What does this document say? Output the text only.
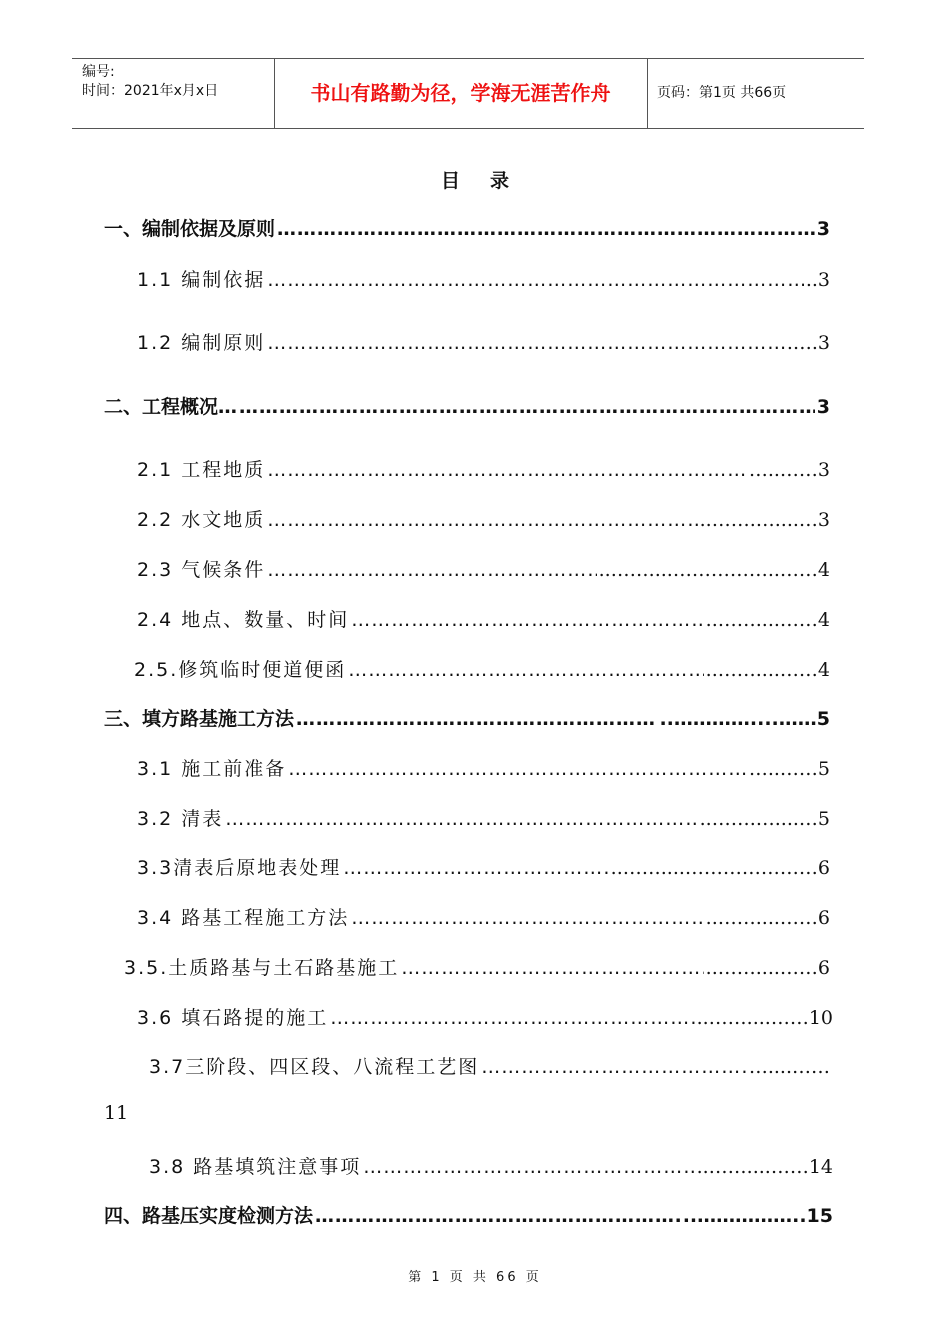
编号:
时间：2021年x月x日	书山有路勤为径，学海无涯苦作舟	页码：第1页 共66页
目录
一、编制依据及原则 …………………………………………………………………………………………………………………………………………………………………………	3
1.1 编制依据 …………………………………………………………………………………………………………………………………………………………………………	..3
1.2 编制原则 …………………………………………………………………………………………………………………………………………………………………………	.….3
二、工程概况… …………………………………………………………………………………………………………………………………………………………………………	3
2.1 工程地质 …………………………………………………………………………………………………………………………………………………………………………	…..……3
2.2 水文地质 …………………………………………………………………………………………………………………………………………………………………………	..…….…....…3
2.3 气候条件 …………………………………………………………………………………………………………………………………………………………………………	..……....……………..……4
2.4 地点、数量、时间 …………………………………………………………………………………………………………………………………………………………………………	..……....……4
2.5.修筑临时便道便函 …………………………………………………………………………………………………………………………………………………………………………	..……....……4
三、填方路基施工方法 …………………………………………………………………………………………………………………………………………………………………………	..…………....……5
3.1 施工前准备 …………………………………………………………………………………………………………………………………………………………………………	…..……5
3.2 清表 …………………………………………………………………………………………………………………………………………………………………………	..…….…....…5
3.3清表后原地表处理 …………………………………………………………………………………………………………………………………………………………………………	..……....…………………6
3.4 路基工程施工方法 …………………………………………………………………………………………………………………………………………………………………………	..……....……6
3.5.土质路基与土石路基施工 …………………………………………………………………………………………………………………………………………………………………………	..……....……6
3.6 填石路提的施工 …………………………………………………………………………………………………………………………………………………………………………	..……....……10
3.7三阶段、四区段、八流程工艺图 …………………………………………………………………………………………………………………………………………………………………………	…....……
11
3.8 路基填筑注意事项 …………………………………………………………………………………………………………………………………………………………………………	..……....……14
四、路基压实度检测方法 …………………………………………………………………………………………………………………………………………………………………………	..……………..15
第 1 页 共 66 页
